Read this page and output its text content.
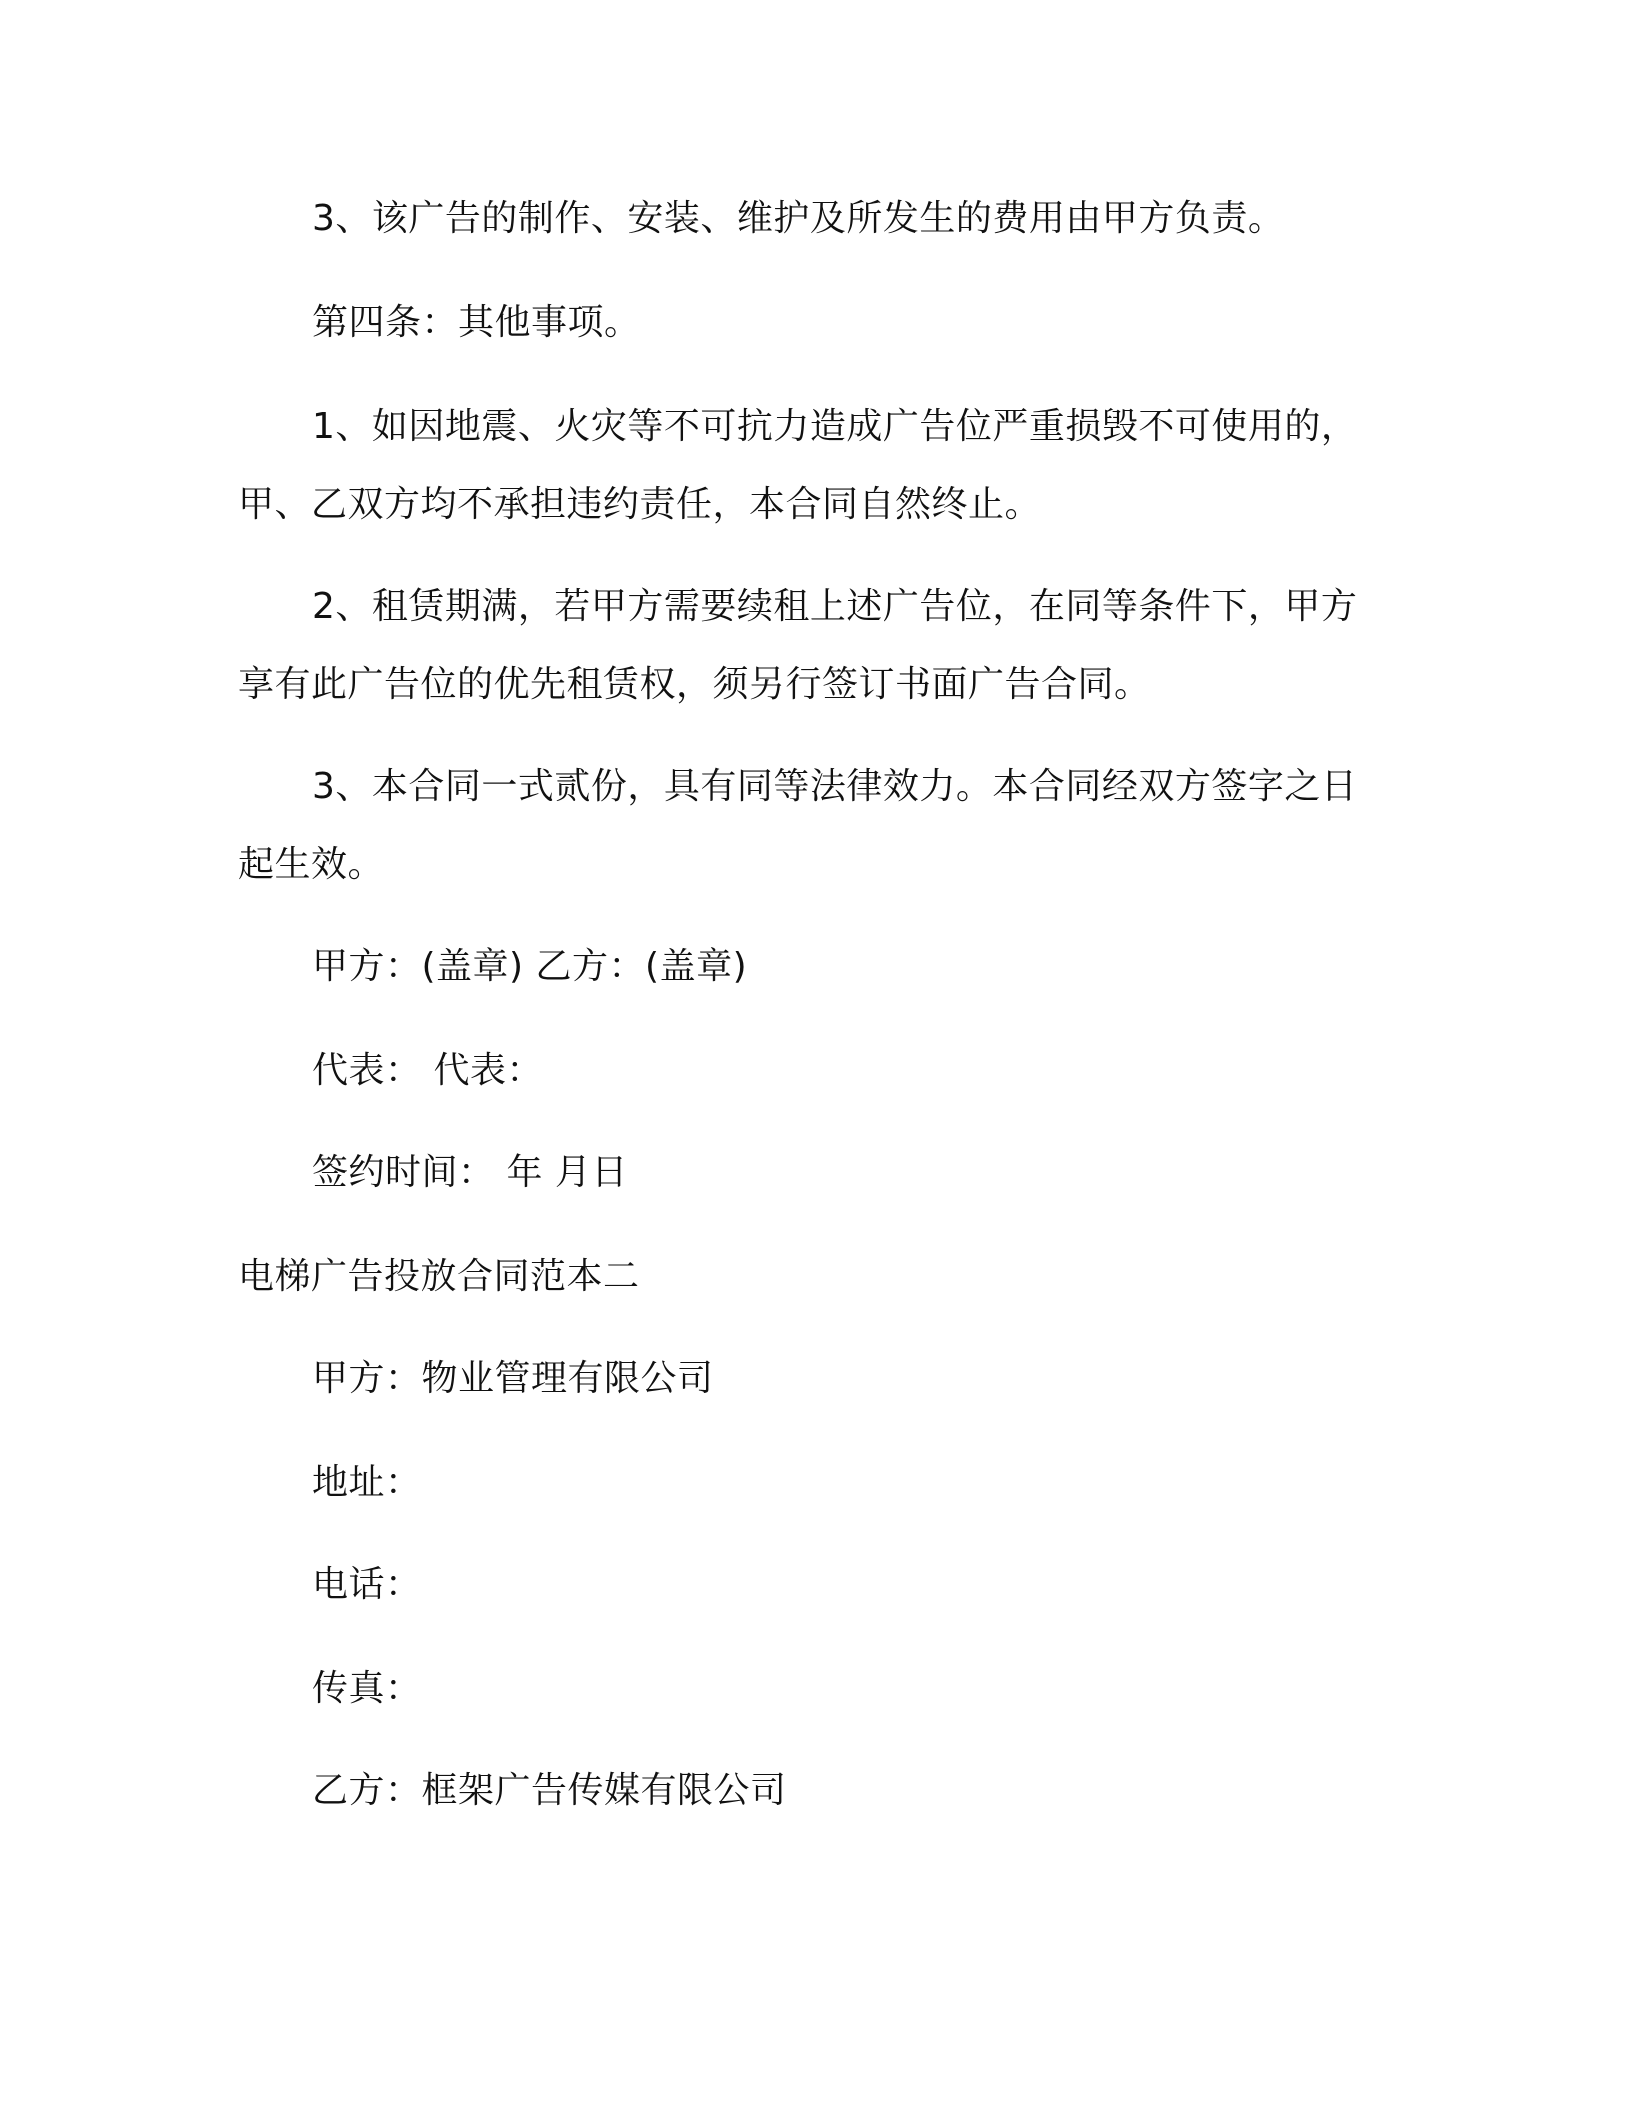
3、该广告的制作、安装、维护及所发生的费用由甲方负责。
第四条：其他事项。
1、如因地震、火灾等不可抗力造成广告位严重损毁不可使用的，
甲、乙双方均不承担违约责任，本合同自然终止。
2、租赁期满，若甲方需要续租上述广告位，在同等条件下，甲方
享有此广告位的优先租赁权，须另行签订书面广告合同。
3、本合同一式贰份，具有同等法律效力。本合同经双方签字之日
起生效。
甲方：(盖章) 乙方：(盖章)
代表： 代表：
签约时间： 年 月日
电梯广告投放合同范本二
甲方：物业管理有限公司
地址：
电话：
传真：
乙方：框架广告传媒有限公司
